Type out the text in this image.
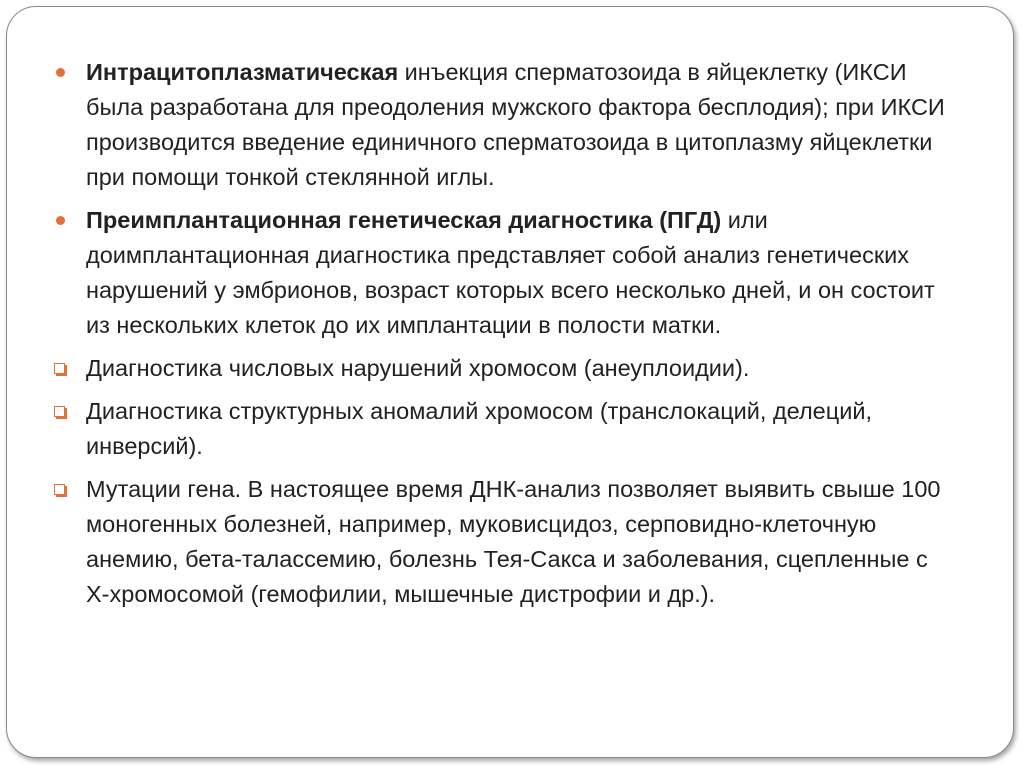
Интрацитоплазматическая инъекция сперматозоида в яйцеклетку (ИКСИ была разработана для преодоления мужского фактора бесплодия); при ИКСИ производится введение единичного сперматозоида в цитоплазму яйцеклетки при помощи тонкой стеклянной иглы.
Преимплантационная генетическая диагностика (ПГД) или доимплантационная диагностика представляет собой анализ генетических нарушений у эмбрионов, возраст которых всего несколько дней, и он состоит из нескольких клеток до их имплантации в полости матки.
Диагностика числовых нарушений хромосом (анеуплоидии).
Диагностика структурных аномалий хромосом (транслокаций, делеций, инверсий).
Мутации гена. В настоящее время ДНК-анализ позволяет выявить свыше 100 моногенных болезней, например, муковисцидоз, серповидно-клеточную анемию, бета-талассемию, болезнь Тея-Сакса и заболевания, сцепленные с Х-хромосомой (гемофилии, мышечные дистрофии и др.).
